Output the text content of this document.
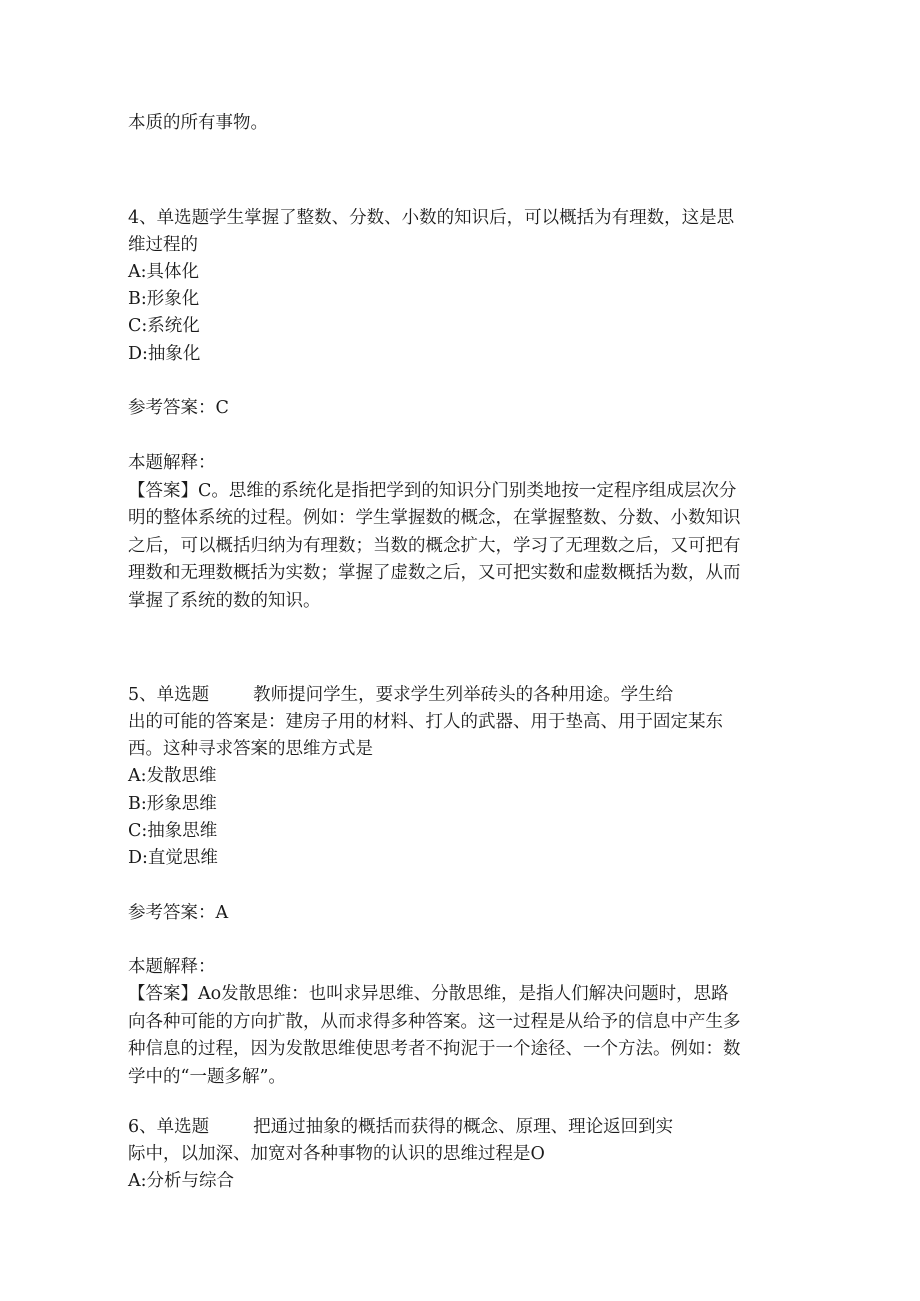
本质的所有事物。

4、单选题学生掌握了整数、分数、小数的知识后，可以概括为有理数，这是思

维过程的

A:具体化

B:形象化

C:系统化

D:抽象化

参考答案：C

本题解释：

【答案】C。思维的系统化是指把学到的知识分门别类地按一定程序组成层次分

明的整体系统的过程。例如：学生掌握数的概念，在掌握整数、分数、小数知识

之后，可以概括归纳为有理数；当数的概念扩大，学习了无理数之后，又可把有

理数和无理数概括为实数；掌握了虚数之后，又可把实数和虚数概括为数，从而

掌握了系统的数的知识。

5、单选题	教师提问学生，要求学生列举砖头的各种用途。学生给

出的可能的答案是：建房子用的材料、打人的武器、用于垫高、用于固定某东

西。这种寻求答案的思维方式是

A:发散思维

B:形象思维

C:抽象思维

D:直觉思维

参考答案：A

本题解释：

【答案】Ao发散思维：也叫求异思维、分散思维，是指人们解决问题时，思路

向各种可能的方向扩散，从而求得多种答案。这一过程是从给予的信息中产生多

种信息的过程，因为发散思维使思考者不拘泥于一个途径、一个方法。例如：数

学中的“一题多解”。

6、单选题	把通过抽象的概括而获得的概念、原理、理论返回到实

际中，以加深、加宽对各种事物的认识的思维过程是O

A:分析与综合
